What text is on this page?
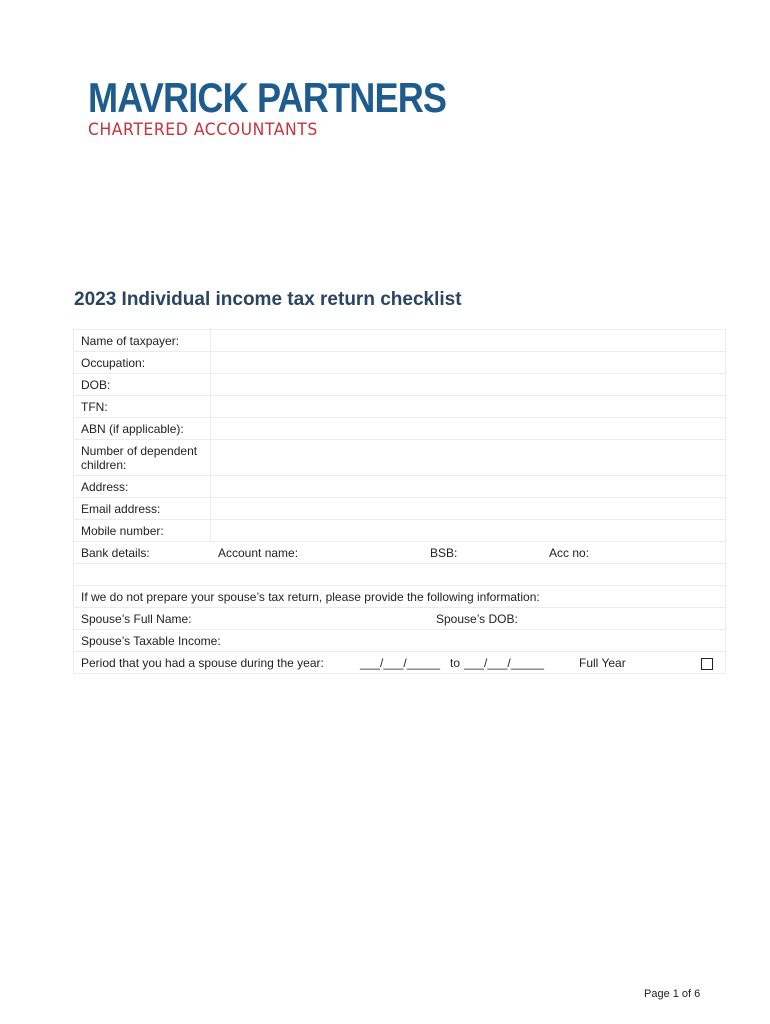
MAVRICK PARTNERS
CHARTERED ACCOUNTANTS
2023 Individual income tax return checklist
Name of taxpayer:
Occupation:
DOB:
TFN:
ABN (if applicable):
Number of dependent children:
Address:
Email address:
Mobile number:
Bank details:	Account name:	BSB:	Acc no:
If we do not prepare your spouse’s tax return, please provide the following information:
Spouse’s Full Name:	Spouse’s DOB:
Spouse’s Taxable Income:
Period that you had a spouse during the year:	___/___/_____ to ___/___/_____	Full Year
Page 1 of 6
